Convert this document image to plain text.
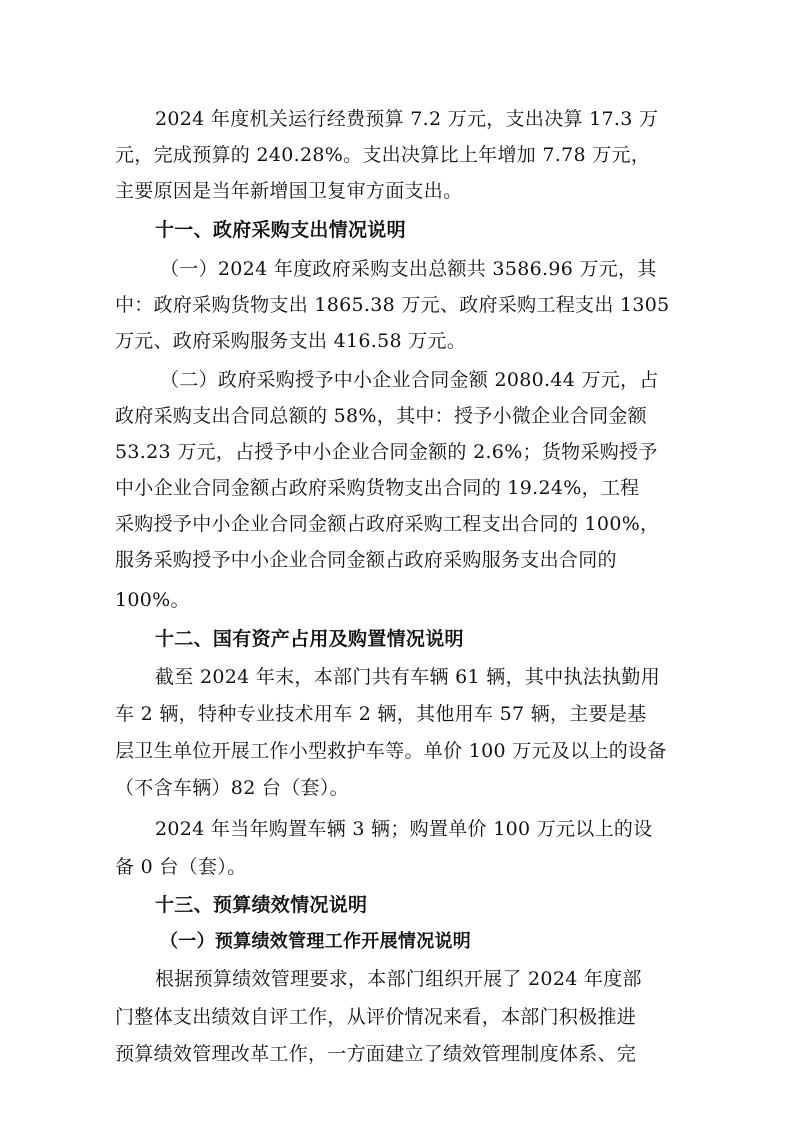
2024 年度机关运行经费预算 7.2 万元，支出决算 17.3 万
元，完成预算的 240.28%。支出决算比上年增加 7.78 万元，
主要原因是当年新增国卫复审方面支出。
十一、政府采购支出情况说明
（一）2024 年度政府采购支出总额共 3586.96 万元，其
中：政府采购货物支出 1865.38 万元、政府采购工程支出 1305
万元、政府采购服务支出 416.58 万元。
（二）政府采购授予中小企业合同金额 2080.44 万元，占
政府采购支出合同总额的 58%，其中：授予小微企业合同金额
53.23 万元，占授予中小企业合同金额的 2.6%；货物采购授予
中小企业合同金额占政府采购货物支出合同的 19.24%，工程
采购授予中小企业合同金额占政府采购工程支出合同的 100%，
服务采购授予中小企业合同金额占政府采购服务支出合同的
100%。
十二、国有资产占用及购置情况说明
截至 2024 年末，本部门共有车辆 61 辆，其中执法执勤用
车 2 辆，特种专业技术用车 2 辆，其他用车 57 辆，主要是基
层卫生单位开展工作小型救护车等。单价 100 万元及以上的设备
（不含车辆）82 台（套）。
2024 年当年购置车辆 3 辆；购置单价 100 万元以上的设
备 0 台（套）。
十三、预算绩效情况说明
（一）预算绩效管理工作开展情况说明
根据预算绩效管理要求，本部门组织开展了 2024 年度部
门整体支出绩效自评工作，从评价情况来看，本部门积极推进
预算绩效管理改革工作，一方面建立了绩效管理制度体系、完
